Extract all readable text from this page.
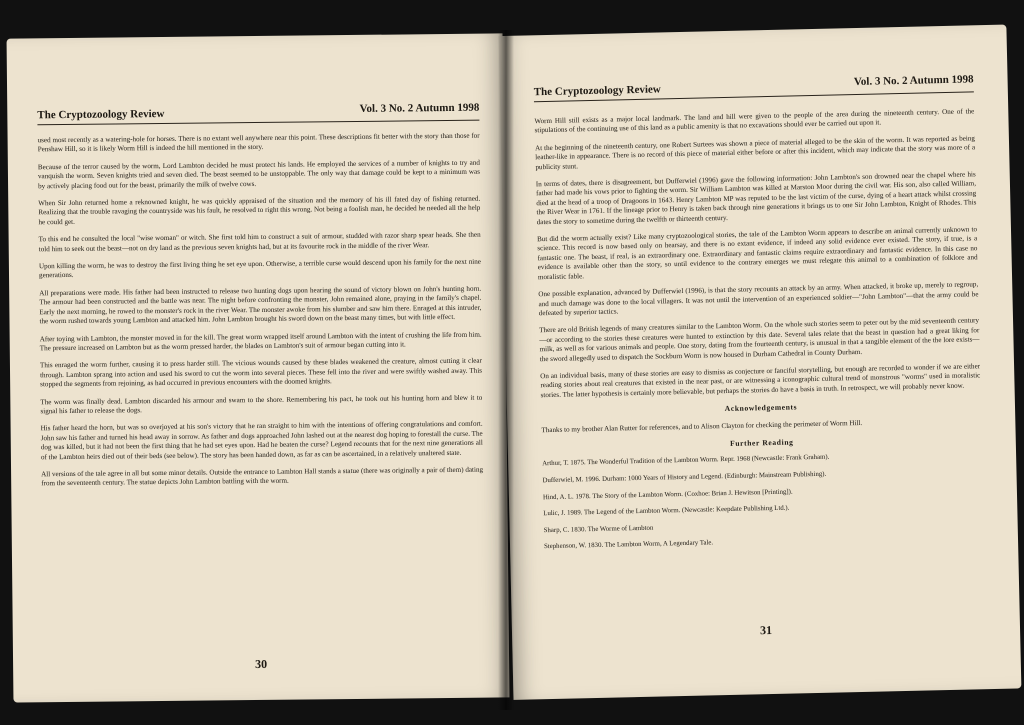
The Cryptozoology Review	Vol. 3 No. 2 Autumn 1998

used most recently as a watering-hole for horses. There is no extant well anywhere near this point. These descriptions fit better with the story than those for Penshaw Hill, so it is likely Worm Hill is indeed the hill mentioned in the story.

Because of the terror caused by the worm, Lord Lambton decided he must protect his lands. He employed the services of a number of knights to try and vanquish the worm. Seven knights tried and seven died. The beast seemed to be unstoppable. The only way that damage could be kept to a minimum was by actively placing food out for the beast, primarily the milk of twelve cows.

When Sir John returned home a reknowned knight, he was quickly appraised of the situation and the memory of his ill fated day of fishing returned. Realizing that the trouble ravaging the countryside was his fault, he resolved to right this wrong. Not being a foolish man, he decided he needed all the help he could get.

To this end he consulted the local "wise woman" or witch. She first told him to construct a suit of armour, studded with razor sharp spear heads. She then told him to seek out the beast—not on dry land as the previous seven knights had, but at its favourite rock in the middle of the river Wear.

Upon killing the worm, he was to destroy the first living thing he set eye upon. Otherwise, a terrible curse would descend upon his family for the next nine generations.

All preparations were made. His father had been instructed to release two hunting dogs upon hearing the sound of victory blown on John's hunting horn. The armour had been constructed and the battle was near. The night before confronting the monster, John remained alone, praying in the family's chapel. Early the next morning, he rowed to the monster's rock in the river Wear. The monster awoke from his slumber and saw him there. Enraged at this intruder, the worm rushed towards young Lambton and attacked him. John Lambton brought his sword down on the beast many times, but with little effect.

After toying with Lambton, the monster moved in for the kill. The great worm wrapped itself around Lambton with the intent of crushing the life from him. The pressure increased on Lambton but as the worm pressed harder, the blades on Lambton's suit of armour began cutting into it.

This enraged the worm further, causing it to press harder still. The vicious wounds caused by these blades weakened the creature, almost cutting it clear through. Lambton sprang into action and used his sword to cut the worm into several pieces. These fell into the river and were swiftly washed away. This stopped the segments from rejoining, as had occurred in previous encounters with the doomed knights.

The worm was finally dead. Lambton discarded his armour and swam to the shore. Remembering his pact, he took out his hunting horn and blew it to signal his father to release the dogs.

His father heard the horn, but was so overjoyed at his son's victory that he ran straight to him with the intentions of offering congratulations and comfort. John saw his father and turned his head away in sorrow. As father and dogs approached John lashed out at the nearest dog hoping to forestall the curse. The dog was killed, but it had not been the first thing that he had set eyes upon. Had he beaten the curse? Legend recounts that for the next nine generations all of the Lambton heirs died out of their beds (see below). The story has been handed down, as far as can be ascertained, in a relatively unaltered state.

All versions of the tale agree in all but some minor details. Outside the entrance to Lambton Hall stands a statue (there was originally a pair of them) dating from the seventeenth century. The statue depicts John Lambton battling with the worm.

30
The Cryptozoology Review
Vol. 3 No. 2 Autumn 1998

Worm Hill still exists as a major local landmark. The land and hill were given to the people of the area during the nineteenth century. One of the stipulations of the continuing use of this land as a public amenity is that no excavations should ever be carried out upon it.

At the beginning of the nineteenth century, one Robert Surtees was shown a piece of material alleged to be the skin of the worm. It was reported as being leather-like in appearance. There is no record of this piece of material either before or after this incident, which may indicate that the story was more of a publicity stunt.

In terms of dates, there is disagreement, but Dufferwiel (1996) gave the following information: John Lambton's son drowned near the chapel where his father had made his vows prior to fighting the worm. Sir William Lambton was killed at Marston Moor during the civil war. His son, also called William, died at the head of a troop of Dragoons in 1643. Henry Lambton MP was reputed to be the last victim of the curse, dying of a heart attack whilst crossing the River Wear in 1761. If the lineage prior to Henry is taken back through nine generations it brings us to one Sir John Lambton, Knight of Rhodes. This dates the story to sometime during the twelfth or thirteenth century.

But did the worm actually exist? Like many cryptozoological stories, the tale of the Lambton Worm appears to describe an animal currently unknown to science. This record is now based only on hearsay, and there is no extant evidence, if indeed any solid evidence ever existed. The story, if true, is a fantastic one. The beast, if real, is an extraordinary one. Extraordinary and fantastic claims require extraordinary and fantastic evidence. In this case no evidence is available other than the story, so until evidence to the contrary emerges we must relegate this animal to a combination of folklore and moralistic fable.

One possible explanation, advanced by Dufferwiel (1996), is that the story recounts an attack by an army. When attacked, it broke up, merely to regroup, and much damage was done to the local villagers. It was not until the intervention of an experienced soldier—"John Lambton"—that the army could be defeated by superior tactics.

There are old British legends of many creatures similar to the Lambton Worm. On the whole such stories seem to peter out by the mid seventeenth century—or according to the stories these creatures were hunted to extinction by this date. Several tales relate that the beast in question had a great liking for milk, as well as for various animals and people. One story, dating from the fourteenth century, is unusual in that a tangible element of the the lore exists—the sword allegedly used to dispatch the Sockburn Worm is now housed in Durham Cathedral in County Durham.

On an individual basis, many of these stories are easy to dismiss as conjecture or fanciful storytelling, but enough are recorded to wonder if we are either reading stories about real creatures that existed in the near past, or are witnessing a iconographic cultural trend of monstrous "worms" used in moralistic stories. The latter hypothesis is certainly more believable, but perhaps the stories do have a basis in truth. In retrospect, we will probably never know.

Acknowledgements

Thanks to my brother Alan Rutter for references, and to Alison Clayton for checking the perimeter of Worm Hill.

Further Reading

Arthur, T. 1875. The Wonderful Tradition of the Lambton Worm. Repr. 1968 (Newcastle: Frank Graham).

Dufferwiel, M. 1996. Durham: 1000 Years of History and Legend. (Edinburgh: Mainstream Publishing).

Hind, A. L. 1978. The Story of the Lambton Worm. (Coxhoe: Brian J. Hewitson [Printing]).

Lulic, J. 1989. The Legend of the Lambton Worm. (Newcastle: Keepdate Publishing Ltd.).

Sharp, C. 1830. The Worme of Lambton

Stephenson, W. 1830. The Lambton Worm, A Legendary Tale.

31
